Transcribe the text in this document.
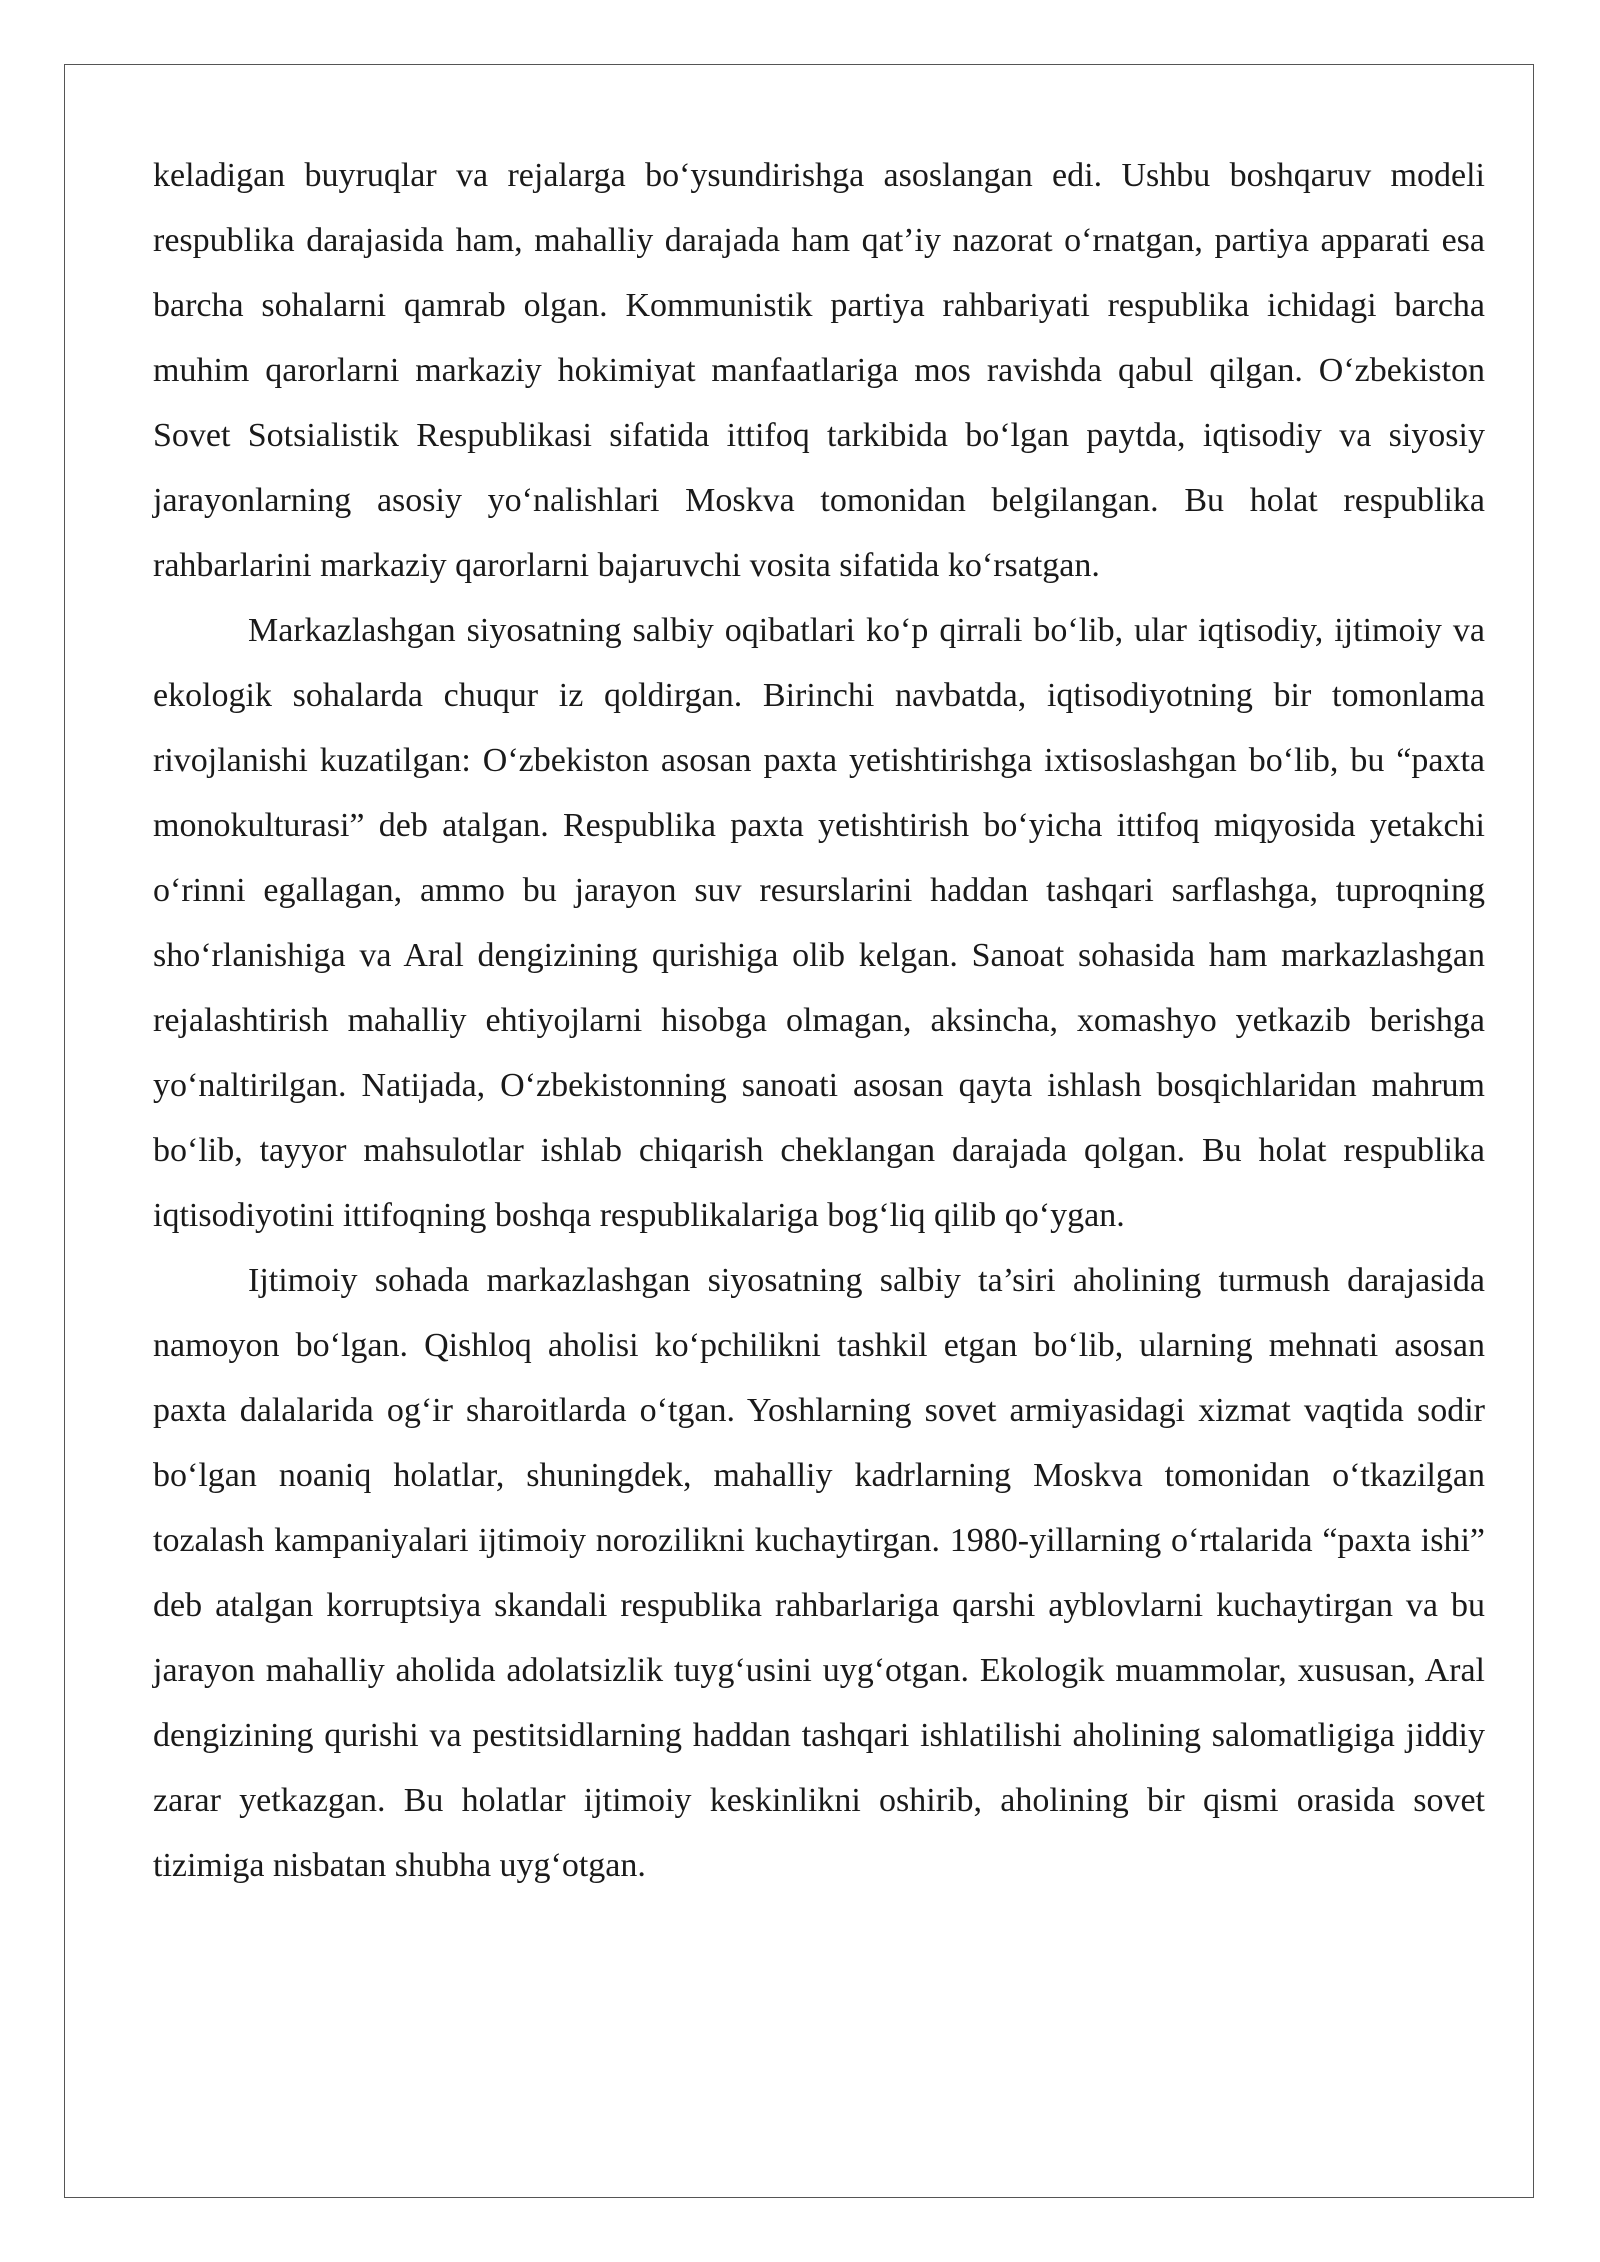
keladigan buyruqlar va rejalarga bo‘ysundirishga asoslangan edi. Ushbu boshqaruv modeli respublika darajasida ham, mahalliy darajada ham qat’iy nazorat o‘rnatgan, partiya apparati esa barcha sohalarni qamrab olgan. Kommunistik partiya rahbariyati respublika ichidagi barcha muhim qarorlarni markaziy hokimiyat manfaatlariga mos ravishda qabul qilgan. O‘zbekiston Sovet Sotsialistik Respublikasi sifatida ittifoq tarkibida bo‘lgan paytda, iqtisodiy va siyosiy jarayonlarning asosiy yo‘nalishlari Moskva tomonidan belgilangan. Bu holat respublika rahbarlarini markaziy qarorlarni bajaruvchi vosita sifatida ko‘rsatgan.

Markazlashgan siyosatning salbiy oqibatlari ko‘p qirrali bo‘lib, ular iqtisodiy, ijtimoiy va ekologik sohalarda chuqur iz qoldirgan. Birinchi navbatda, iqtisodiyotning bir tomonlama rivojlanishi kuzatilgan: O‘zbekiston asosan paxta yetishtirishga ixtisoslashgan bo‘lib, bu “paxta monokulturasi” deb atalgan. Respublika paxta yetishtirish bo‘yicha ittifoq miqyosida yetakchi o‘rinni egallagan, ammo bu jarayon suv resurslarini haddan tashqari sarflashga, tuproqning sho‘rlanishiga va Aral dengizining qurishiga olib kelgan. Sanoat sohasida ham markazlashgan rejalashtirish mahalliy ehtiyojlarni hisobga olmagan, aksincha, xomashyo yetkazib berishga yo‘naltirilgan. Natijada, O‘zbekistonning sanoati asosan qayta ishlash bosqichlaridan mahrum bo‘lib, tayyor mahsulotlar ishlab chiqarish cheklangan darajada qolgan. Bu holat respublika iqtisodiyotini ittifoqning boshqa respublikalariga bog‘liq qilib qo‘ygan.

Ijtimoiy sohada markazlashgan siyosatning salbiy ta’siri aholining turmush darajasida namoyon bo‘lgan. Qishloq aholisi ko‘pchilikni tashkil etgan bo‘lib, ularning mehnati asosan paxta dalalarida og‘ir sharoitlarda o‘tgan. Yoshlarning sovet armiyasidagi xizmat vaqtida sodir bo‘lgan noaniq holatlar, shuningdek, mahalliy kadrlarning Moskva tomonidan o‘tkazilgan tozalash kampaniyalari ijtimoiy norozilikni kuchaytirgan. 1980-yillarning o‘rtalarida “paxta ishi” deb atalgan korruptsiya skandali respublika rahbarlariga qarshi ayblovlarni kuchaytirgan va bu jarayon mahalliy aholida adolatsizlik tuyg‘usini uyg‘otgan. Ekologik muammolar, xususan, Aral dengizining qurishi va pestitsidlarning haddan tashqari ishlatilishi aholining salomatligiga jiddiy zarar yetkazgan. Bu holatlar ijtimoiy keskinlikni oshirib, aholining bir qismi orasida sovet tizimiga nisbatan shubha uyg‘otgan.
